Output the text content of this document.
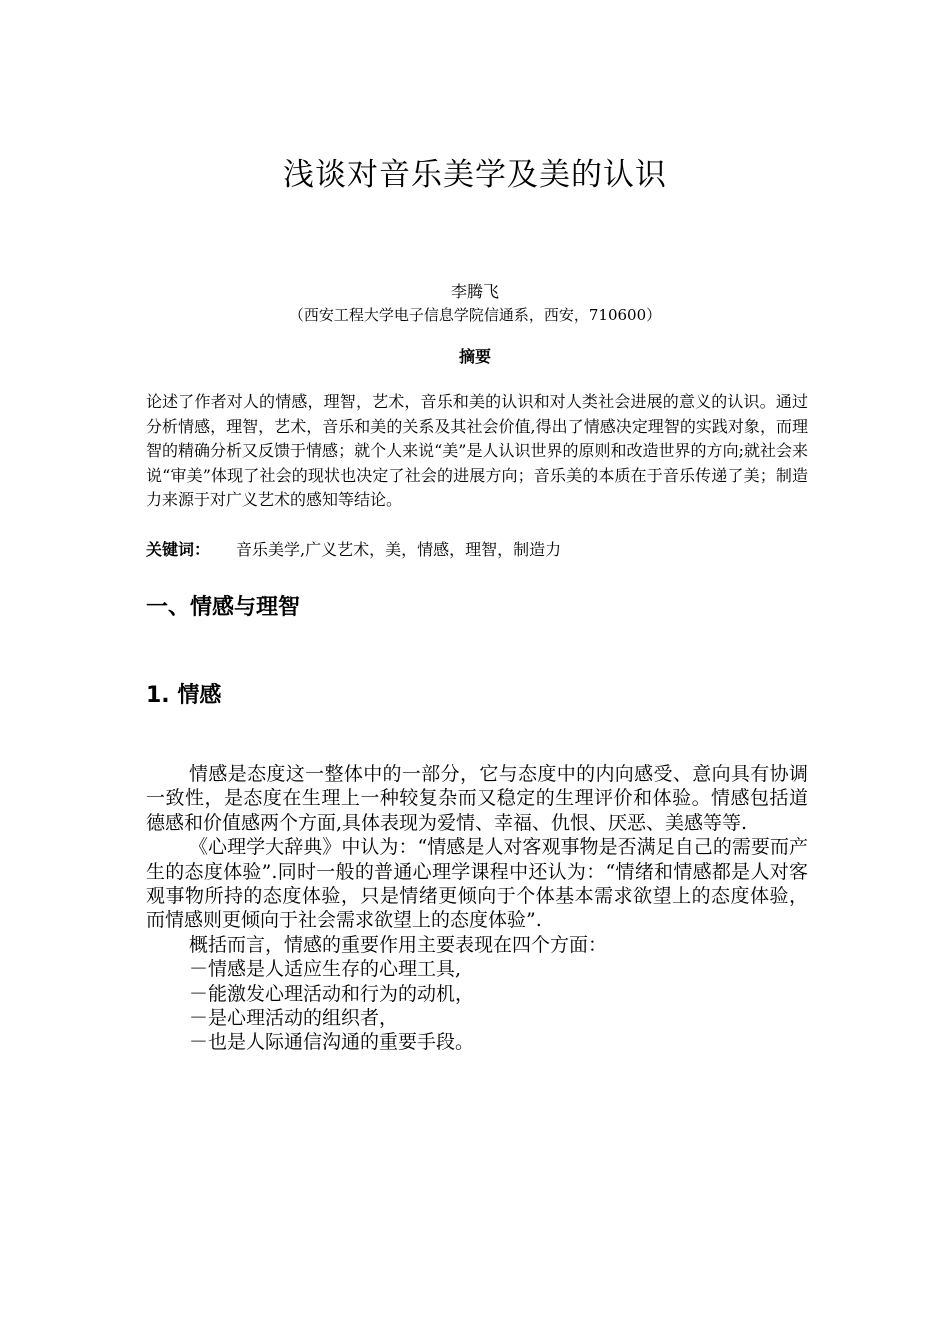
浅谈对音乐美学及美的认识
李腾飞
（西安工程大学电子信息学院信通系，西安，710600）
摘要

论述了作者对人的情感，理智，艺术，音乐和美的认识和对人类社会进展的意义的认识。通过分析情感，理智，艺术，音乐和美的关系及其社会价值,得出了情感决定理智的实践对象，而理智的精确分析又反馈于情感；就个人来说“美”是人认识世界的原则和改造世界的方向;就社会来说“审美”体现了社会的现状也决定了社会的进展方向；音乐美的本质在于音乐传递了美；制造力来源于对广义艺术的感知等结论。

关键词： 音乐美学,广义艺术，美，情感，理智，制造力

一、情感与理智
1. 情感

情感是态度这一整体中的一部分，它与态度中的内向感受、意向具有协调一致性，是态度在生理上一种较复杂而又稳定的生理评价和体验。情感包括道德感和价值感两个方面,具体表现为爱情、幸福、仇恨、厌恶、美感等等.

《心理学大辞典》中认为：“情感是人对客观事物是否满足自己的需要而产生的态度体验”.同时一般的普通心理学课程中还认为：“情绪和情感都是人对客观事物所持的态度体验，只是情绪更倾向于个体基本需求欲望上的态度体验，而情感则更倾向于社会需求欲望上的态度体验”.

概括而言，情感的重要作用主要表现在四个方面：

－情感是人适应生存的心理工具,

－能激发心理活动和行为的动机，

－是心理活动的组织者，

－也是人际通信沟通的重要手段。
